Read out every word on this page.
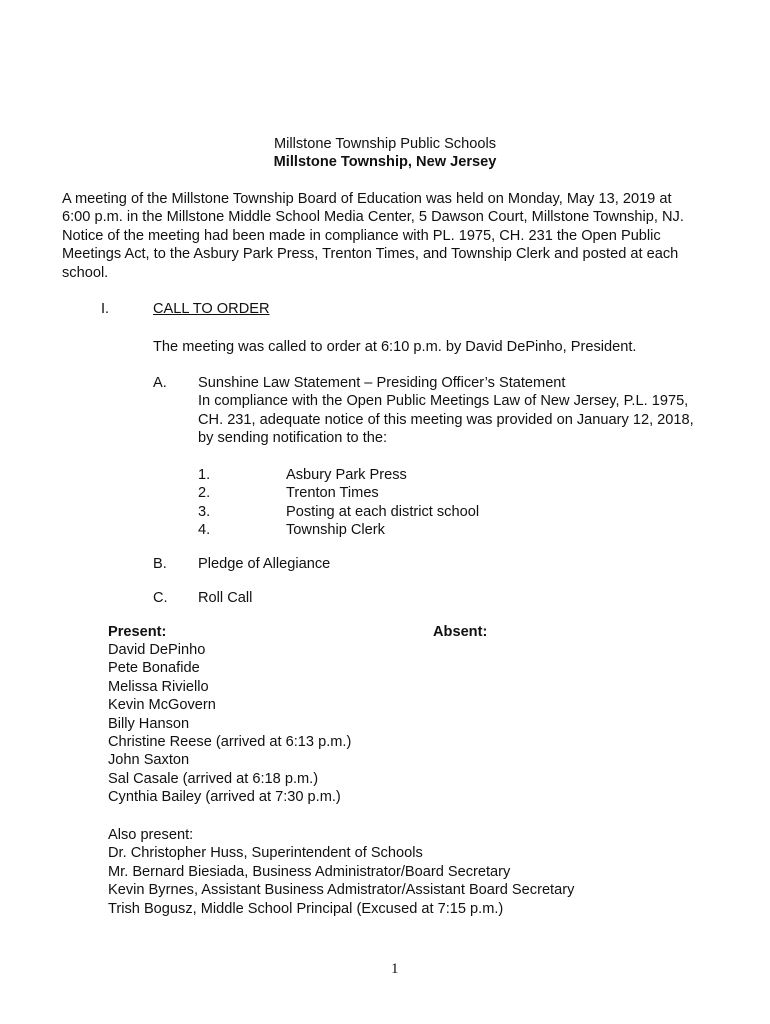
Millstone Township Public Schools
Millstone Township, New Jersey
A meeting of the Millstone Township Board of Education was held on Monday, May 13, 2019 at
6:00 p.m. in the Millstone Middle School Media Center, 5 Dawson Court, Millstone Township, NJ.
Notice of the meeting had been made in compliance with PL. 1975, CH. 231 the Open Public
Meetings Act, to the Asbury Park Press, Trenton Times, and Township Clerk and posted at each
school.
I.	CALL TO ORDER
The meeting was called to order at 6:10 p.m. by David DePinho, President.
A. Sunshine Law Statement – Presiding Officer’s Statement
In compliance with the Open Public Meetings Law of New Jersey, P.L. 1975,
CH. 231, adequate notice of this meeting was provided on January 12, 2018,
by sending notification to the:
1.	Asbury Park Press
2.	Trenton Times
3.	Posting at each district school
4.	Township Clerk
B. Pledge of Allegiance
C. Roll Call
Present:	Absent:
David DePinho
Pete Bonafide
Melissa Riviello
Kevin McGovern
Billy Hanson
Christine Reese (arrived at 6:13 p.m.)
John Saxton
Sal Casale (arrived at 6:18 p.m.)
Cynthia Bailey (arrived at 7:30 p.m.)
Also present:
Dr. Christopher Huss, Superintendent of Schools
Mr. Bernard Biesiada, Business Administrator/Board Secretary
Kevin Byrnes, Assistant Business Admistrator/Assistant Board Secretary
Trish Bogusz, Middle School Principal (Excused at 7:15 p.m.)
1
